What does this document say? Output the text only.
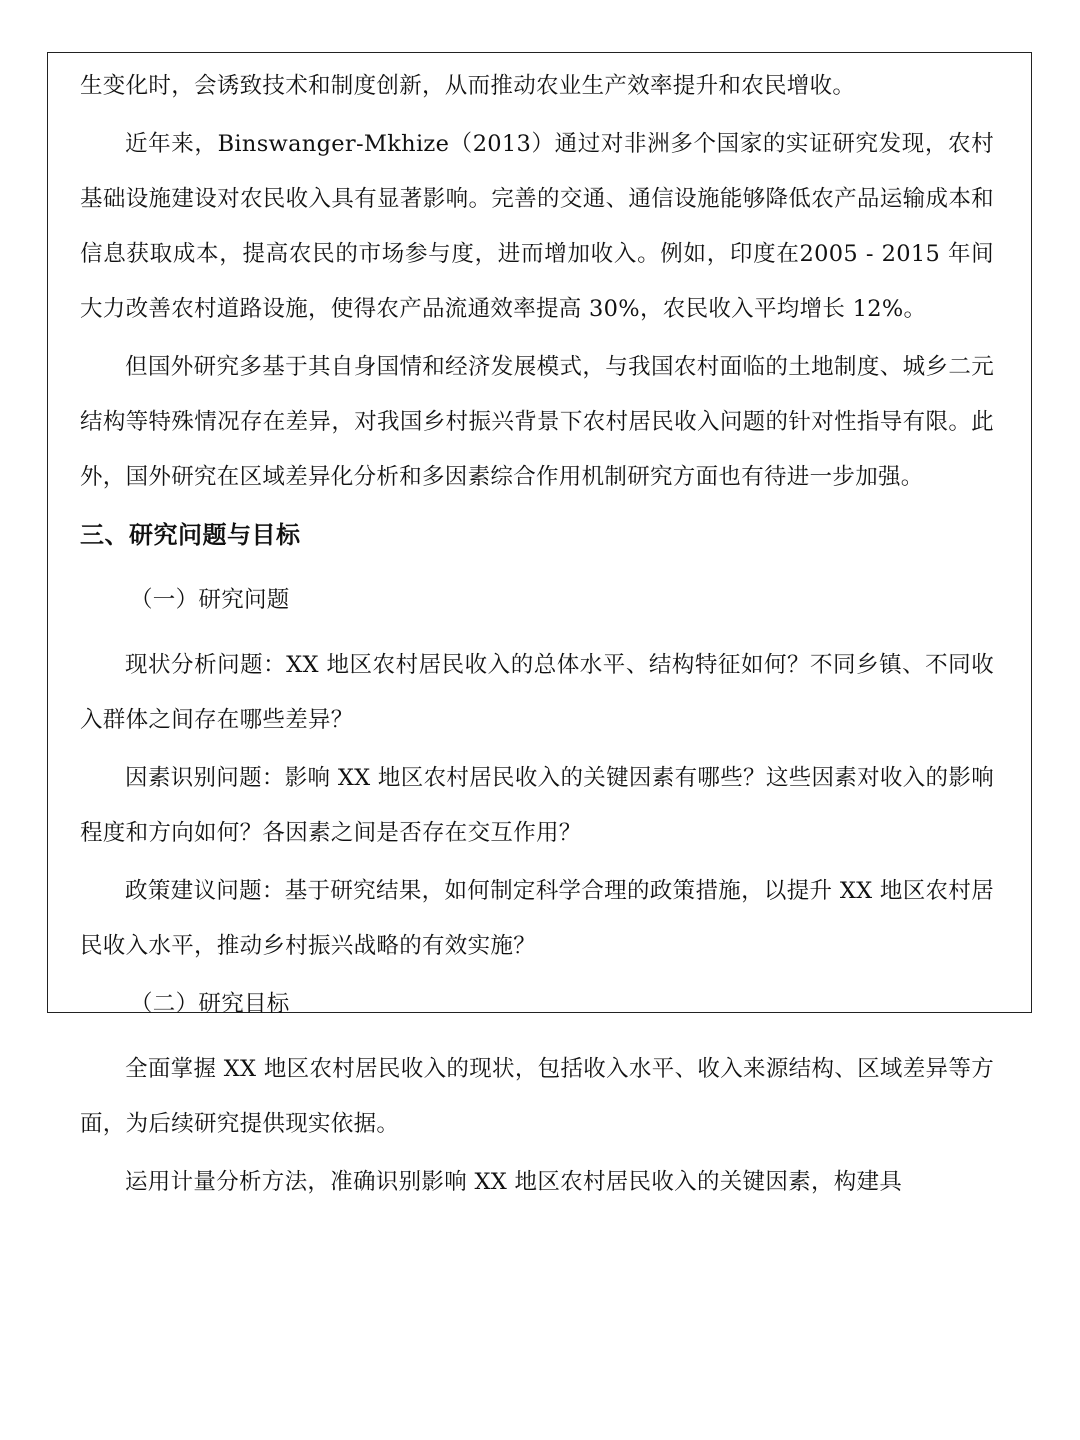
生变化时，会诱致技术和制度创新，从而推动农业生产效率提升和农民增收。

近年来，Binswanger-Mkhize（2013）通过对非洲多个国家的实证研究发现，农村基础设施建设对农民收入具有显著影响。完善的交通、通信设施能够降低农产品运输成本和信息获取成本，提高农民的市场参与度，进而增加收入。例如，印度在2005 - 2015 年间大力改善农村道路设施，使得农产品流通效率提高 30%，农民收入平均增长 12%。

但国外研究多基于其自身国情和经济发展模式，与我国农村面临的土地制度、城乡二元结构等特殊情况存在差异，对我国乡村振兴背景下农村居民收入问题的针对性指导有限。此外，国外研究在区域差异化分析和多因素综合作用机制研究方面也有待进一步加强。

三、研究问题与目标
（一）研究问题

现状分析问题：XX 地区农村居民收入的总体水平、结构特征如何？不同乡镇、不同收入群体之间存在哪些差异？

因素识别问题：影响 XX 地区农村居民收入的关键因素有哪些？这些因素对收入的影响程度和方向如何？各因素之间是否存在交互作用？

政策建议问题：基于研究结果，如何制定科学合理的政策措施，以提升 XX 地区农村居民收入水平，推动乡村振兴战略的有效实施？

（二）研究目标

全面掌握 XX 地区农村居民收入的现状，包括收入水平、收入来源结构、区域差异等方面，为后续研究提供现实依据。

运用计量分析方法，准确识别影响 XX 地区农村居民收入的关键因素，构建具
